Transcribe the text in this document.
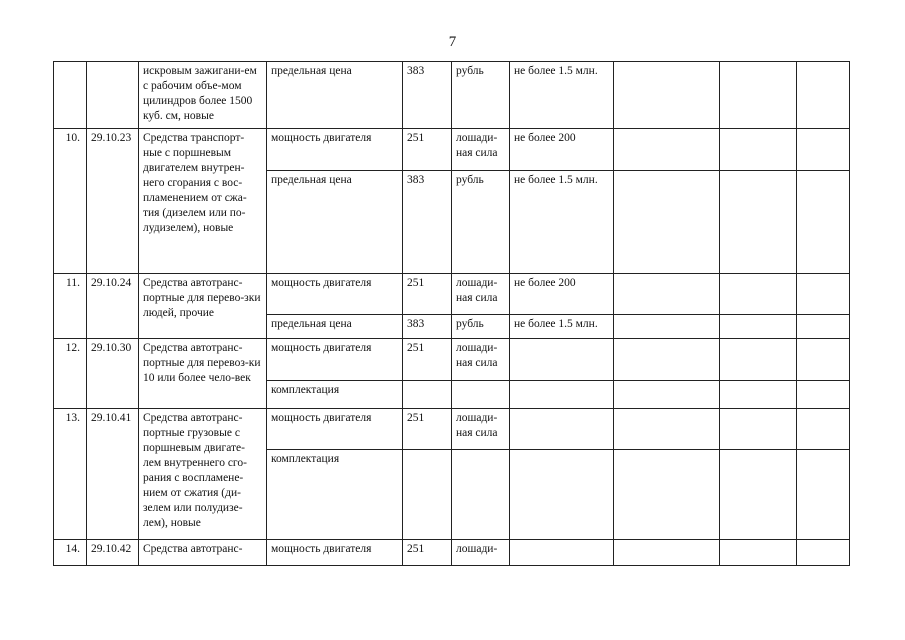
7
		искровым зажигани-ем с рабочим объе-мом цилиндров более 1500 куб. см, новые	предельная цена	383	рубль	не более 1.5 млн.			
10.	29.10.23	Средства транспорт-ные с поршневым двигателем внутрен-него сгорания с вос-пламенением от сжа-тия (дизелем или по-лудизелем), новые	мощность двигателя	251	лошади-ная сила	не более 200			
			предельная цена	383	рубль	не более 1.5 млн.			
11.	29.10.24	Средства автотранс-портные для перево-зки людей, прочие	мощность двигателя	251	лошади-ная сила	не более 200			
			предельная цена	383	рубль	не более 1.5 млн.			
12.	29.10.30	Средства автотранс-портные для перевоз-ки 10 или более чело-век	мощность двигателя	251	лошади-ная сила				
			комплектация						
13.	29.10.41	Средства автотранс-портные грузовые с поршневым двигате-лем внутреннего сго-рания с воспламене-нием от сжатия (ди-зелем или полудизе-лем), новые	мощность двигателя	251	лошади-ная сила				
			комплектация						
14.	29.10.42	Средства автотранс-	мощность двигателя	251	лошади-				
